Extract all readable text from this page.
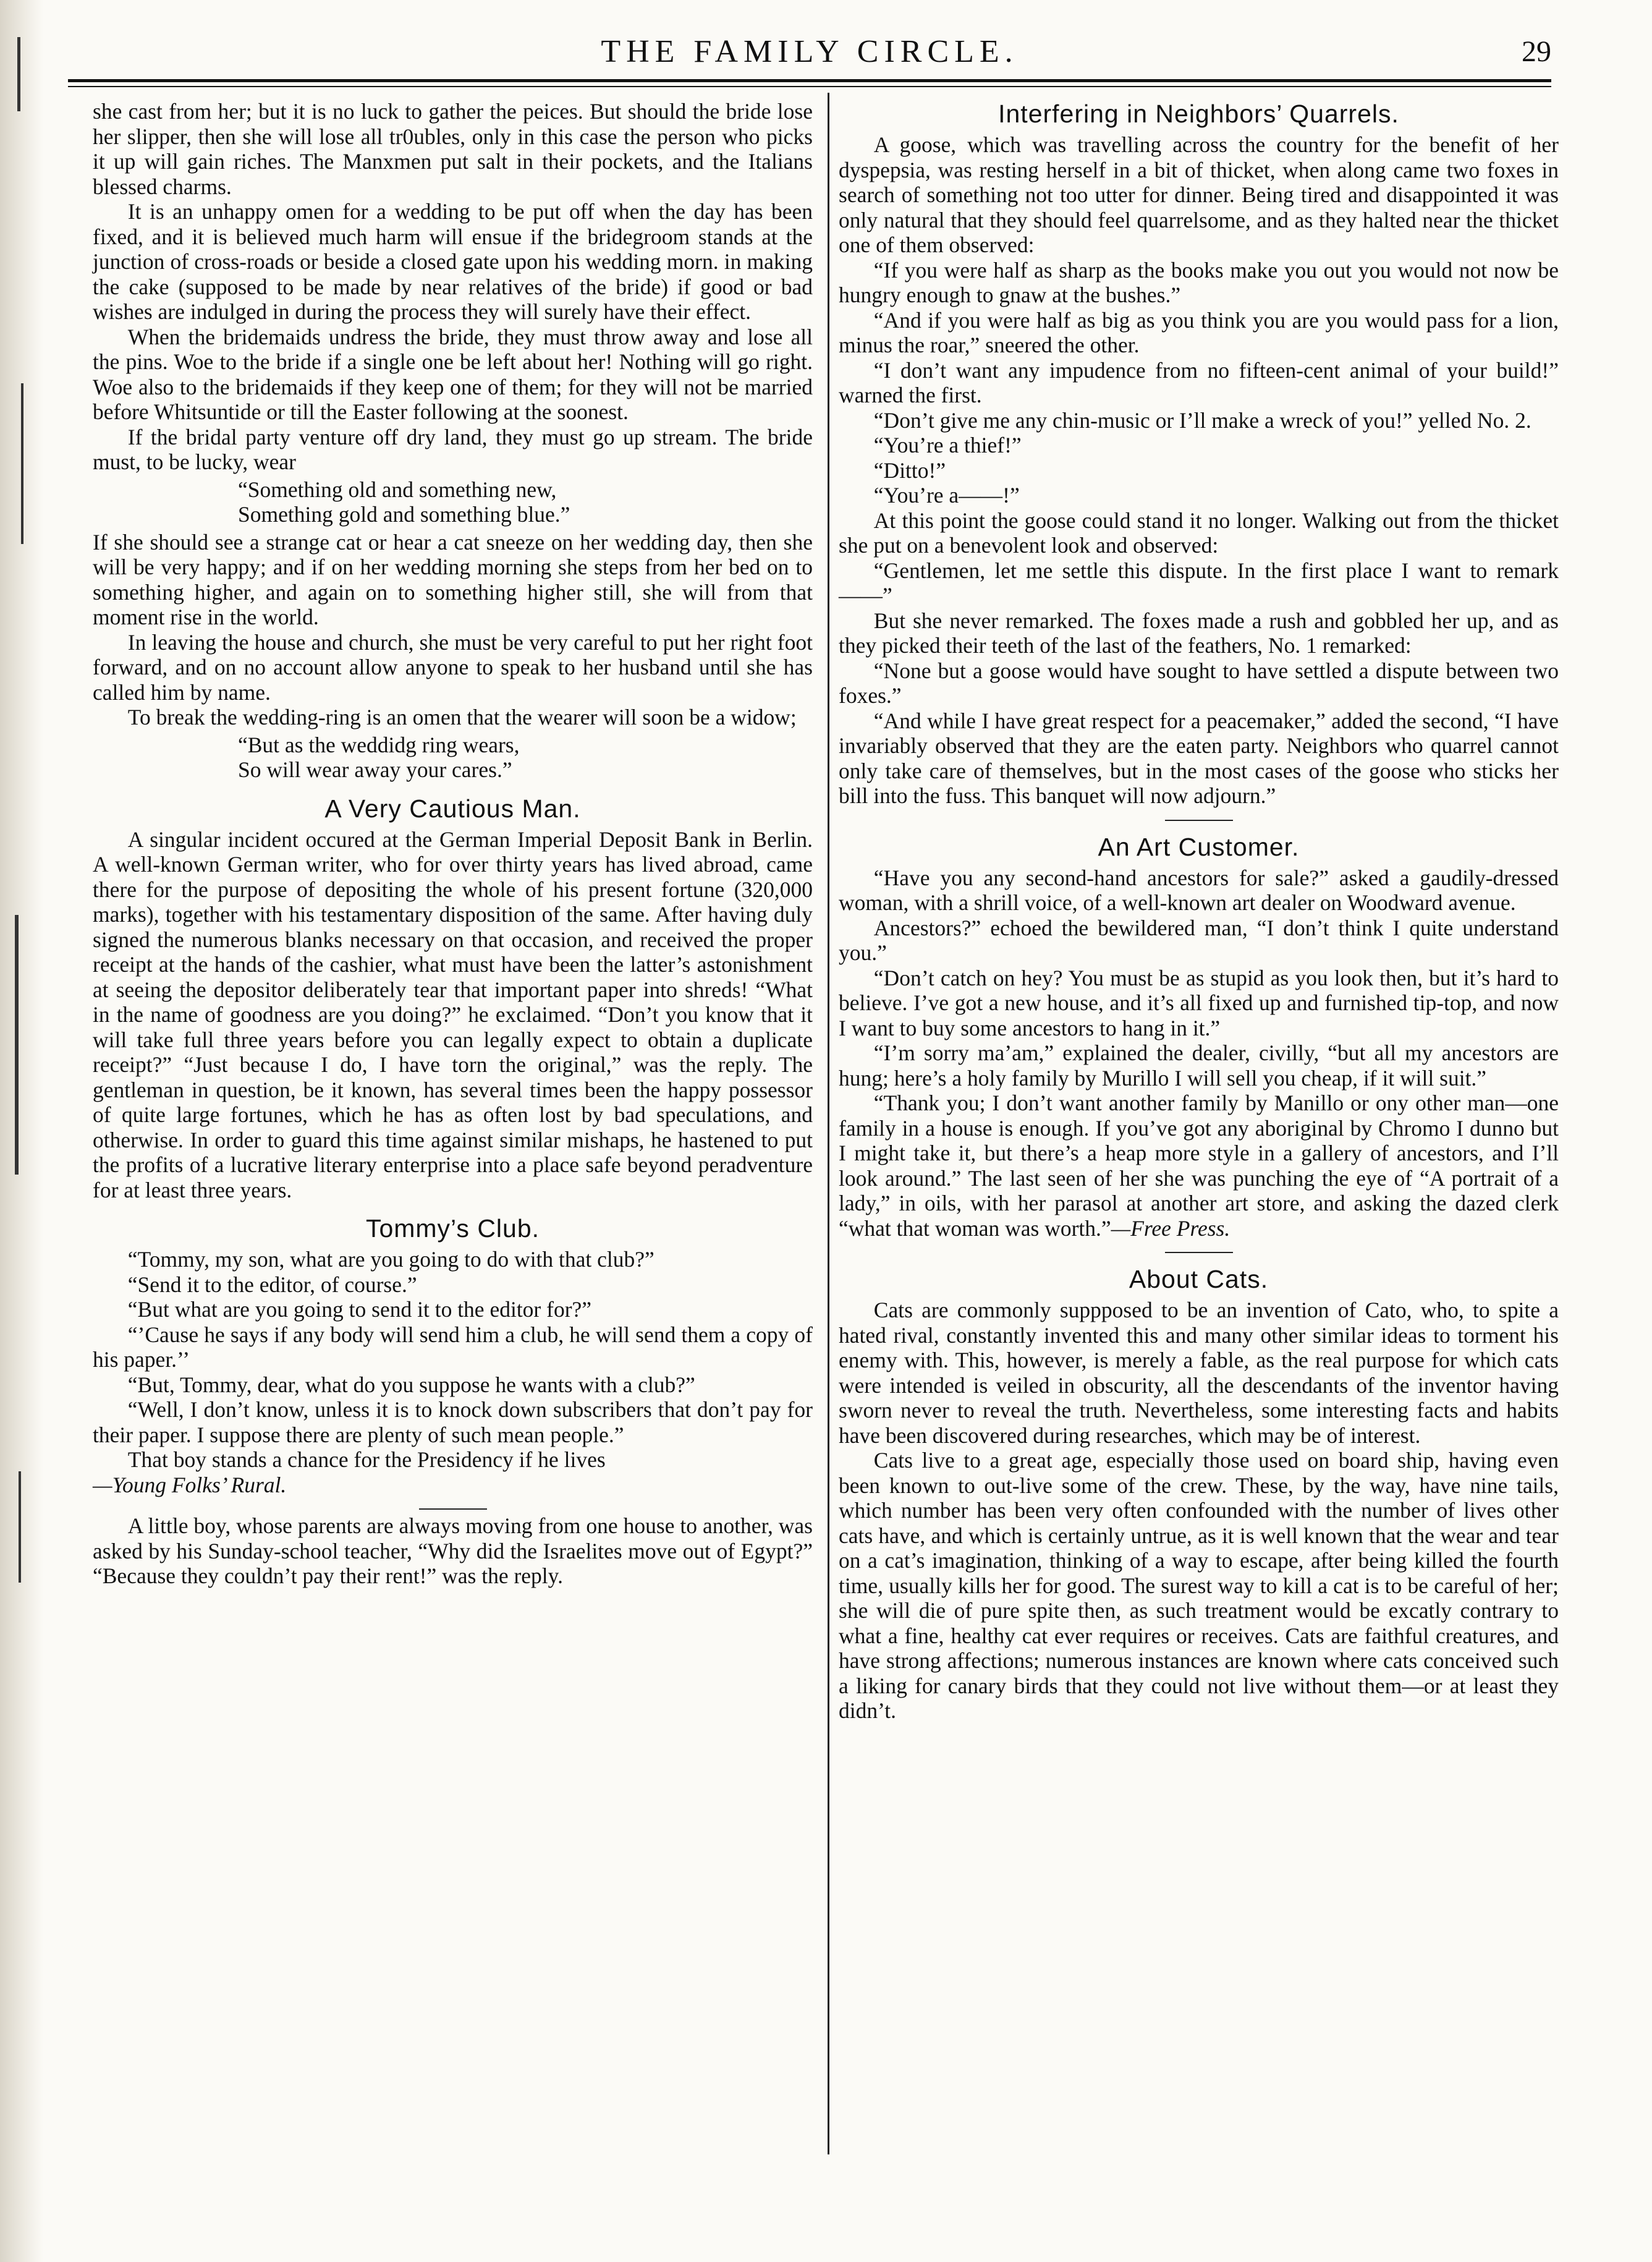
THE FAMILY CIRCLE.	29

she cast from her; but it is no luck to gather the peices. But should the bride lose her slipper, then she will lose all tr0ubles, only in this case the person who picks it up will gain riches. The Manxmen put salt in their pockets, and the Italians blessed charms.

It is an unhappy omen for a wedding to be put off when the day has been fixed, and it is believed much harm will ensue if the bridegroom stands at the junction of cross-roads or beside a closed gate upon his wedding morn. in making the cake (supposed to be made by near relatives of the bride) if good or bad wishes are indulged in during the process they will surely have their effect.

When the bridemaids undress the bride, they must throw away and lose all the pins. Woe to the bride if a single one be left about her! Nothing will go right. Woe also to the bridemaids if they keep one of them; for they will not be married before Whitsuntide or till the Easter following at the soonest.

If the bridal party venture off dry land, they must go up stream. The bride must, to be lucky, wear

“Something old and something new,
Something gold and something blue.”

If she should see a strange cat or hear a cat sneeze on her wedding day, then she will be very happy; and if on her wedding morning she steps from her bed on to something higher, and again on to something higher still, she will from that moment rise in the world.

In leaving the house and church, she must be very careful to put her right foot forward, and on no account allow anyone to speak to her husband until she has called him by name.

To break the wedding-ring is an omen that the wearer will soon be a widow;

“But as the weddidg ring wears,
So will wear away your cares.”
A Very Cautious Man.

A singular incident occured at the German Imperial Deposit Bank in Berlin. A well-known German writer, who for over thirty years has lived abroad, came there for the purpose of depositing the whole of his present fortune (320,000 marks), together with his testamentary disposition of the same. After having duly signed the numerous blanks necessary on that occasion, and received the proper receipt at the hands of the cashier, what must have been the latter’s astonishment at seeing the depositor deliberately tear that important paper into shreds! “What in the name of goodness are you doing?” he exclaimed. “Don’t you know that it will take full three years before you can legally expect to obtain a duplicate receipt?” “Just because I do, I have torn the original,” was the reply. The gentleman in question, be it known, has several times been the happy possessor of quite large fortunes, which he has as often lost by bad speculations, and otherwise. In order to guard this time against similar mishaps, he hastened to put the profits of a lucrative literary enterprise into a place safe beyond peradventure for at least three years.

Tommy’s Club.

“Tommy, my son, what are you going to do with that club?”

“Send it to the editor, of course.”

“But what are you going to send it to the editor for?”

“’Cause he says if any body will send him a club, he will send them a copy of his paper.’’

“But, Tommy, dear, what do you suppose he wants with a club?”

“Well, I don’t know, unless it is to knock down subscribers that don’t pay for their paper. I suppose there are plenty of such mean people.”

That boy stands a chance for the Presidency if he lives
—Young Folks’ Rural.

A little boy, whose parents are always moving from one house to another, was asked by his Sunday-school teacher, “Why did the Israelites move out of Egypt?” “Because they couldn’t pay their rent!” was the reply.

Interfering in Neighbors’ Quarrels.

A goose, which was travelling across the country for the benefit of her dyspepsia, was resting herself in a bit of thicket, when along came two foxes in search of something not too utter for dinner. Being tired and disappointed it was only natural that they should feel quarrelsome, and as they halted near the thicket one of them observed:

“If you were half as sharp as the books make you out you would not now be hungry enough to gnaw at the bushes.”

“And if you were half as big as you think you are you would pass for a lion, minus the roar,” sneered the other.

“I don’t want any impudence from no fifteen-cent animal of your build!” warned the first.

“Don’t give me any chin-music or I’ll make a wreck of you!” yelled No. 2.

“You’re a thief!”

“Ditto!”

“You’re a——!”

At this point the goose could stand it no longer. Walking out from the thicket she put on a benevolent look and observed:

“Gentlemen, let me settle this dispute. In the first place I want to remark——”

But she never remarked. The foxes made a rush and gobbled her up, and as they picked their teeth of the last of the feathers, No. 1 remarked:

“None but a goose would have sought to have settled a dispute between two foxes.”

“And while I have great respect for a peacemaker,” added the second, “I have invariably observed that they are the eaten party. Neighbors who quarrel cannot only take care of themselves, but in the most cases of the goose who sticks her bill into the fuss. This banquet will now adjourn.”

An Art Customer.

“Have you any second-hand ancestors for sale?” asked a gaudily-dressed woman, with a shrill voice, of a well-known art dealer on Woodward avenue.

Ancestors?” echoed the bewildered man, “I don’t think I quite understand you.”

“Don’t catch on hey? You must be as stupid as you look then, but it’s hard to believe. I’ve got a new house, and it’s all fixed up and furnished tip-top, and now I want to buy some ancestors to hang in it.”

“I’m sorry ma’am,” explained the dealer, civilly, “but all my ancestors are hung; here’s a holy family by Murillo I will sell you cheap, if it will suit.”

“Thank you; I don’t want another family by Manillo or ony other man—one family in a house is enough. If you’ve got any aboriginal by Chromo I dunno but I might take it, but there’s a heap more style in a gallery of ancestors, and I’ll look around.” The last seen of her she was punching the eye of “A portrait of a lady,” in oils, with her parasol at another art store, and asking the dazed clerk “what that woman was worth.”—Free Press.

About Cats.

Cats are commonly suppposed to be an invention of Cato, who, to spite a hated rival, constantly invented this and many other similar ideas to torment his enemy with. This, however, is merely a fable, as the real purpose for which cats were intended is veiled in obscurity, all the descendants of the inventor having sworn never to reveal the truth. Nevertheless, some interesting facts and habits have been discovered during researches, which may be of interest.

Cats live to a great age, especially those used on board ship, having even been known to out-live some of the crew. These, by the way, have nine tails, which number has been very often confounded with the number of lives other cats have, and which is certainly untrue, as it is well known that the wear and tear on a cat’s imagination, thinking of a way to escape, after being killed the fourth time, usually kills her for good. The surest way to kill a cat is to be careful of her; she will die of pure spite then, as such treatment would be excatly contrary to what a fine, healthy cat ever requires or receives. Cats are faithful creatures, and have strong affections; numerous instances are known where cats conceived such a liking for canary birds that they could not live without them—or at least they didn’t.
